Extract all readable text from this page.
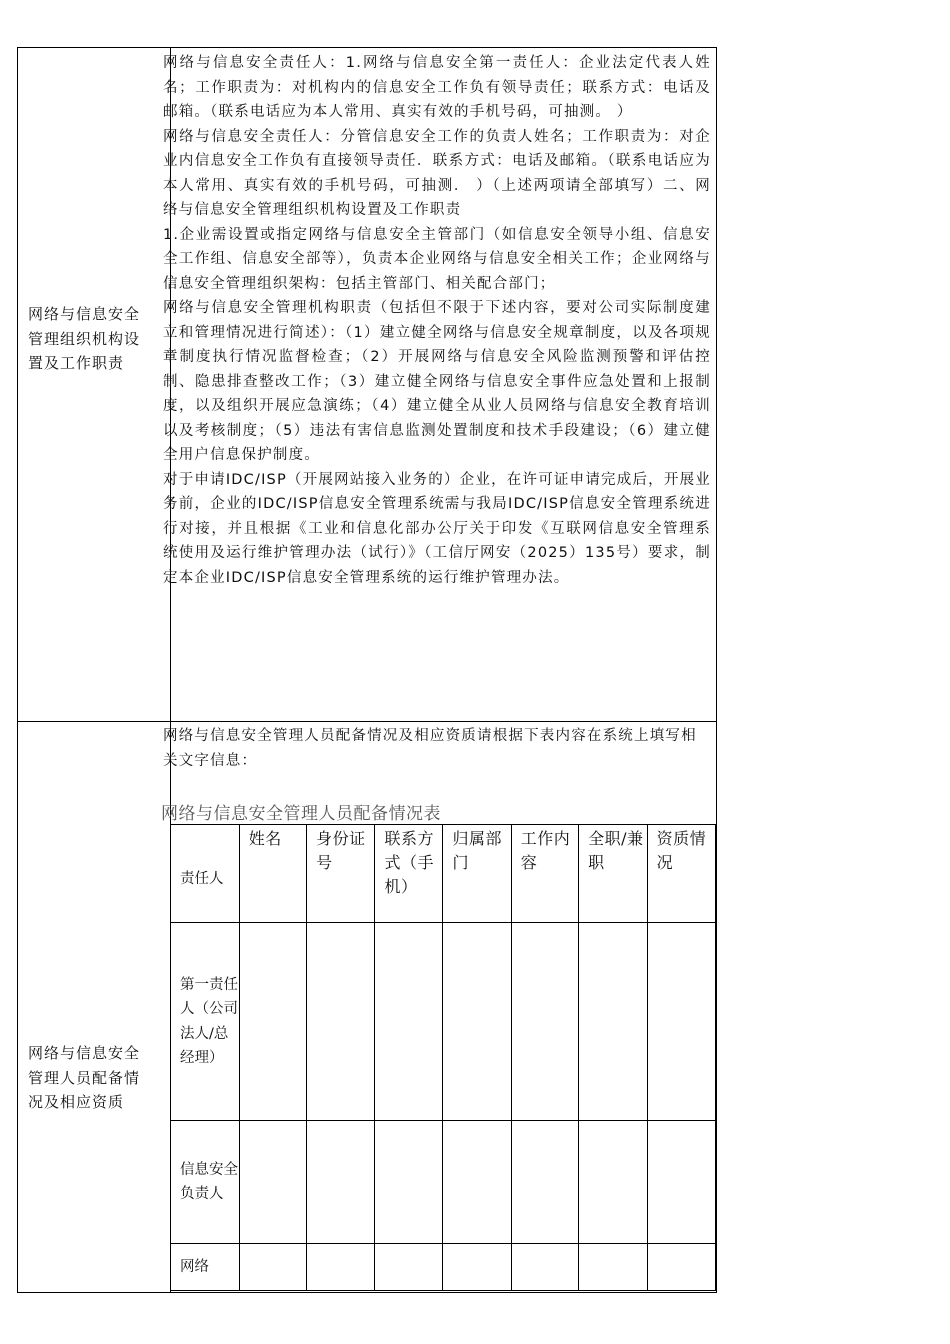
网络与信息安全管理组织机构设置及工作职责

网络与信息安全责任人：1.网络与信息安全第一责任人：企业法定代表人姓名；工作职责为：对机构内的信息安全工作负有领导责任；联系方式：电话及邮箱。（联系电话应为本人常用、真实有效的手机号码，可抽测。 ）

网络与信息安全责任人：分管信息安全工作的负责人姓名；工作职责为：对企业内信息安全工作负有直接领导责任．联系方式：电话及邮箱。（联系电话应为本人常用、真实有效的手机号码，可抽测． ）（上述两项请全部填写）二、网络与信息安全管理组织机构设置及工作职责

1.企业需设置或指定网络与信息安全主管部门（如信息安全领导小组、信息安全工作组、信息安全部等），负责本企业网络与信息安全相关工作；企业网络与信息安全管理组织架构：包括主管部门、相关配合部门；

网络与信息安全管理机构职责（包括但不限于下述内容，要对公司实际制度建立和管理情况进行简述）：（1）建立健全网络与信息安全规章制度，以及各项规章制度执行情况监督检查；（2）开展网络与信息安全风险监测预警和评估控制、隐患排查整改工作；（3）建立健全网络与信息安全事件应急处置和上报制度，以及组织开展应急演练；（4）建立健全从业人员网络与信息安全教育培训以及考核制度；（5）违法有害信息监测处置制度和技术手段建设；（6）建立健全用户信息保护制度。

对于申请IDC/ISP（开展网站接入业务的）企业，在许可证申请完成后，开展业务前，企业的IDC/ISP信息安全管理系统需与我局IDC/ISP信息安全管理系统进行对接，并且根据《工业和信息化部办公厅关于印发《互联网信息安全管理系统使用及运行维护管理办法（试行）》（工信厅网安（2025）135号）要求，制定本企业IDC/ISP信息安全管理系统的运行维护管理办法。

网络与信息安全管理人员配备情况及相应资质
网络与信息安全管理人员配备情况及相应资质请根据下表内容在系统上填写相关文字信息：
网络与信息安全管理人员配备情况表
责任人	姓名	身份证号	联系方式（手机）	归属部门	工作内容	全职/兼职	资质情况
第一责任人（公司法人/总经理）							
信息安全负责人							
网络							
